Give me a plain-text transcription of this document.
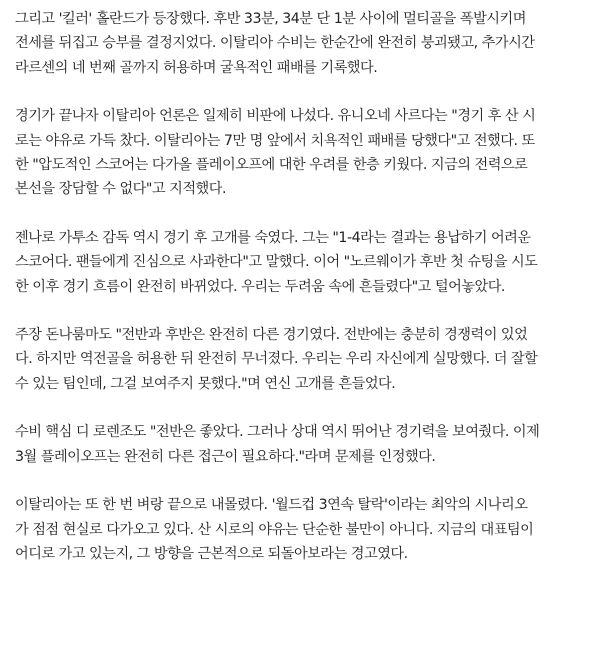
그리고 '킬러' 홀란드가 등장했다. 후반 33분, 34분 단 1분 사이에 멀티골을 폭발시키며
전세를 뒤집고 승부를 결정지었다. 이탈리아 수비는 한순간에 완전히 붕괴됐고, 추가시간
라르센의 네 번째 골까지 허용하며 굴욕적인 패배를 기록했다.

경기가 끝나자 이탈리아 언론은 일제히 비판에 나섰다. 유니오네 사르다는 "경기 후 산 시
로는 야유로 가득 찼다. 이탈리아는 7만 명 앞에서 치욕적인 패배를 당했다"고 전했다. 또
한 "압도적인 스코어는 다가올 플레이오프에 대한 우려를 한층 키웠다. 지금의 전력으로
본선을 장담할 수 없다"고 지적했다.

젠나로 가투소 감독 역시 경기 후 고개를 숙였다. 그는 "1-4라는 결과는 용납하기 어려운
스코어다. 팬들에게 진심으로 사과한다"고 말했다. 이어 "노르웨이가 후반 첫 슈팅을 시도
한 이후 경기 흐름이 완전히 바뀌었다. 우리는 두려움 속에 흔들렸다"고 털어놓았다.

주장 돈나룸마도 "전반과 후반은 완전히 다른 경기였다. 전반에는 충분히 경쟁력이 있었
다. 하지만 역전골을 허용한 뒤 완전히 무너졌다. 우리는 우리 자신에게 실망했다. 더 잘할
수 있는 팀인데, 그걸 보여주지 못했다."며 연신 고개를 흔들었다.

수비 핵심 디 로렌조도 "전반은 좋았다. 그러나 상대 역시 뛰어난 경기력을 보여줬다. 이제
3월 플레이오프는 완전히 다른 접근이 필요하다."라며 문제를 인정했다.

이탈리아는 또 한 번 벼랑 끝으로 내몰렸다. '월드컵 3연속 탈락'이라는 최악의 시나리오
가 점점 현실로 다가오고 있다. 산 시로의 야유는 단순한 불만이 아니다. 지금의 대표팀이
어디로 가고 있는지, 그 방향을 근본적으로 되돌아보라는 경고였다.
